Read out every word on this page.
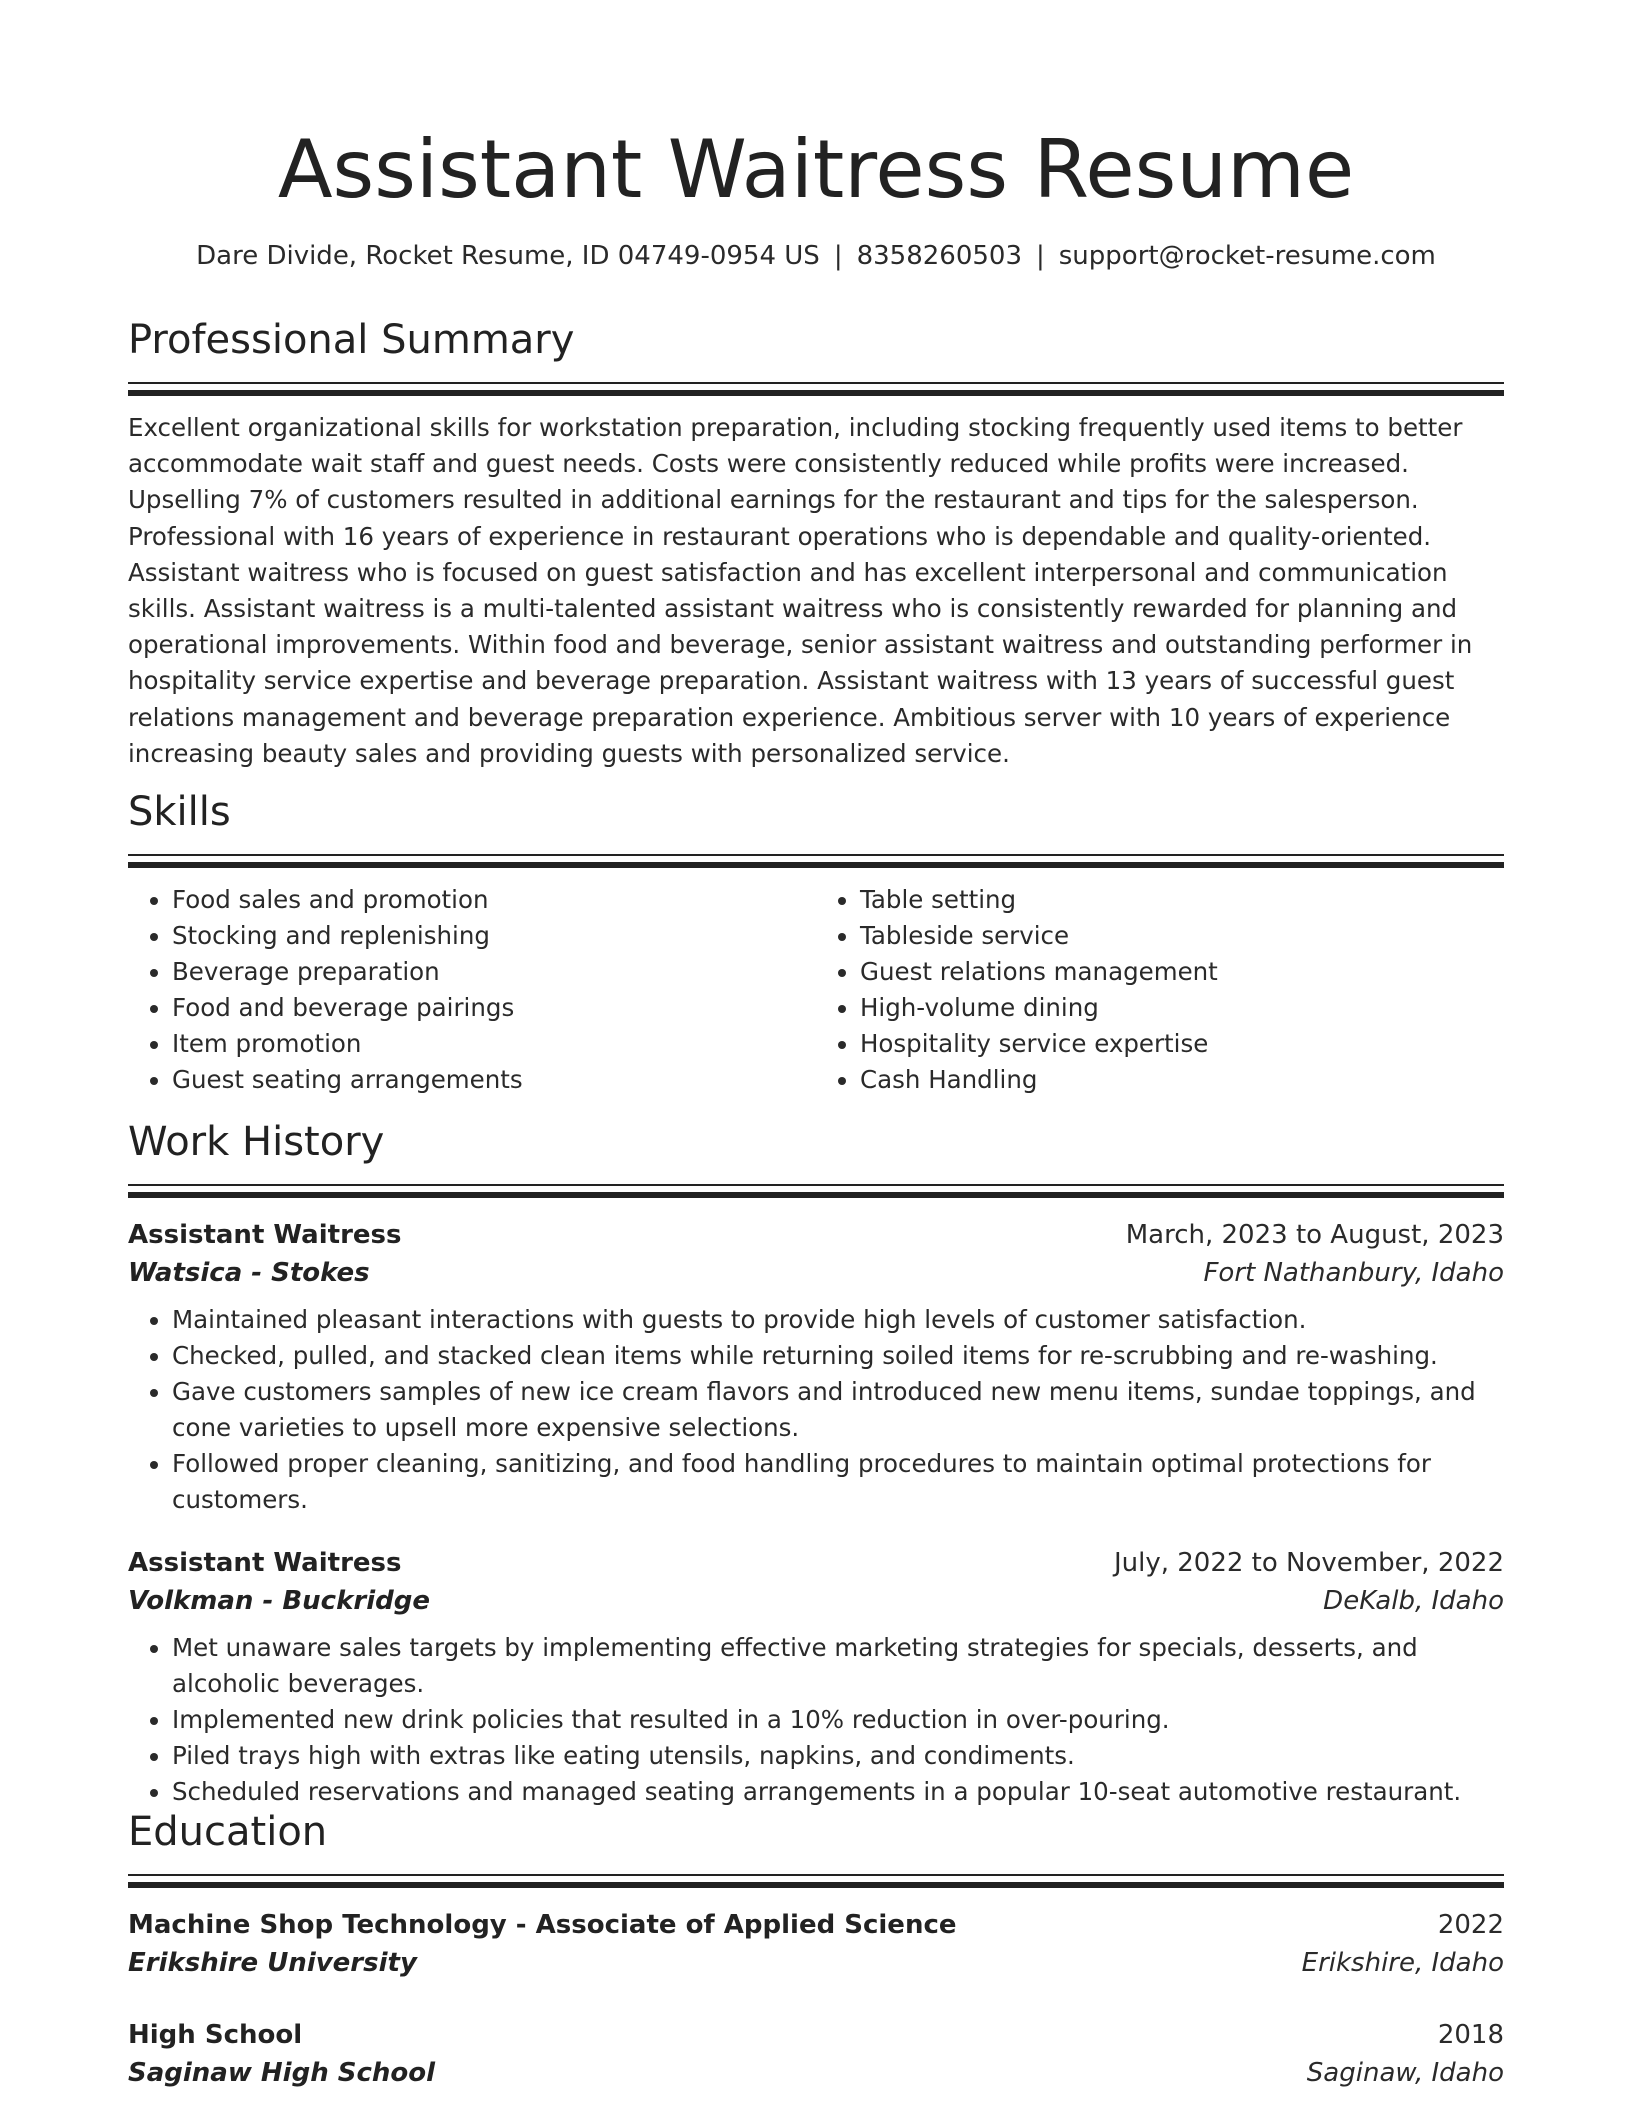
Assistant Waitress Resume
Dare Divide, Rocket Resume, ID 04749-0954 US | 8358260503 | support@rocket-resume.com
Professional Summary
Excellent organizational skills for workstation preparation, including stocking frequently used items to better accommodate wait staff and guest needs. Costs were consistently reduced while profits were increased. Upselling 7% of customers resulted in additional earnings for the restaurant and tips for the salesperson. Professional with 16 years of experience in restaurant operations who is dependable and quality-oriented. Assistant waitress who is focused on guest satisfaction and has excellent interpersonal and communication skills. Assistant waitress is a multi-talented assistant waitress who is consistently rewarded for planning and operational improvements. Within food and beverage, senior assistant waitress and outstanding performer in hospitality service expertise and beverage preparation. Assistant waitress with 13 years of successful guest relations management and beverage preparation experience. Ambitious server with 10 years of experience increasing beauty sales and providing guests with personalized service.
Skills
• Food sales and promotion
• Stocking and replenishing
• Beverage preparation
• Food and beverage pairings
• Item promotion
• Guest seating arrangements
• Table setting
• Tableside service
• Guest relations management
• High-volume dining
• Hospitality service expertise
• Cash Handling
Work History
Assistant Waitress	March, 2023 to August, 2023
Watsica - Stokes	Fort Nathanbury, Idaho
• Maintained pleasant interactions with guests to provide high levels of customer satisfaction.
• Checked, pulled, and stacked clean items while returning soiled items for re-scrubbing and re-washing.
• Gave customers samples of new ice cream flavors and introduced new menu items, sundae toppings, and cone varieties to upsell more expensive selections.
• Followed proper cleaning, sanitizing, and food handling procedures to maintain optimal protections for customers.
Assistant Waitress	July, 2022 to November, 2022
Volkman - Buckridge	DeKalb, Idaho
• Met unaware sales targets by implementing effective marketing strategies for specials, desserts, and alcoholic beverages.
• Implemented new drink policies that resulted in a 10% reduction in over-pouring.
• Piled trays high with extras like eating utensils, napkins, and condiments.
• Scheduled reservations and managed seating arrangements in a popular 10-seat automotive restaurant.
Education
Machine Shop Technology - Associate of Applied Science	2022
Erikshire University	Erikshire, Idaho
High School	2018
Saginaw High School	Saginaw, Idaho
